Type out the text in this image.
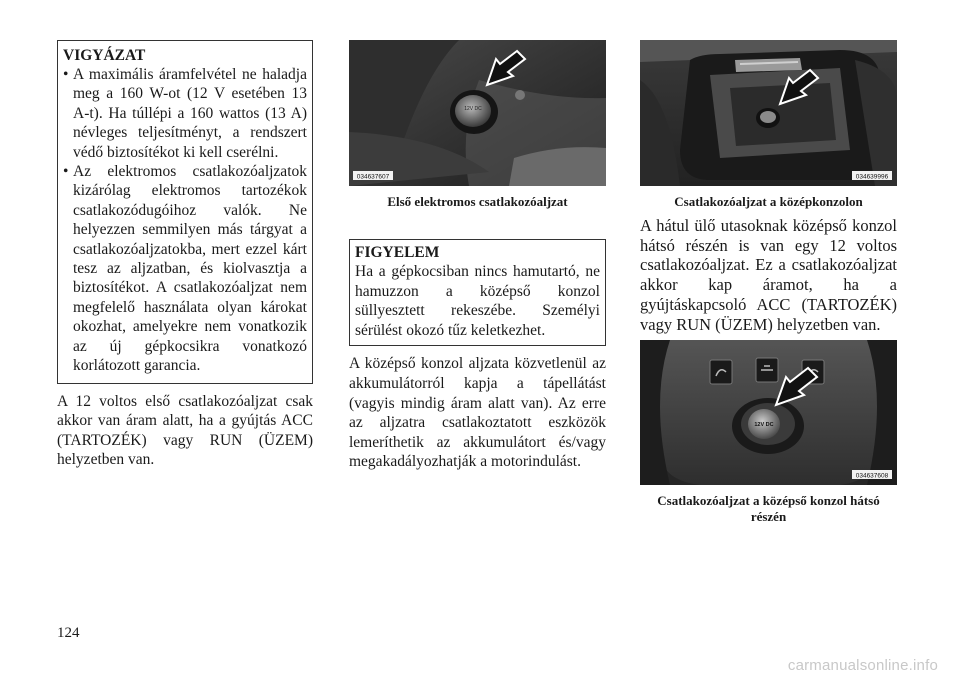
VIGYÁZAT
• A maximális áramfelvétel ne haladja meg a 160 W-ot (12 V esetében 13 A-t). Ha túllépi a 160 wattos (13 A) névleges teljesítményt, a rendszert védő biztosítékot ki kell cserélni.
• Az elektromos csatlakozóaljzatok kizárólag elektromos tartozékok csatlakozódugóihoz valók. Ne helyezzen semmilyen más tárgyat a csatlakozóaljzatokba, mert ezzel kárt tesz az aljzatban, és kiolvasztja a biztosítékot. A csatlakozóaljzat nem megfelelő használata olyan károkat okozhat, amelyekre nem vonatkozik az új gépkocsikra vonatkozó korlátozott garancia.

A 12 voltos első csatlakozóaljzat csak akkor van áram alatt, ha a gyújtás ACC (TARTOZÉK) vagy RUN (ÜZEM) helyzetben van.

12V DC
034637607
Első elektromos csatlakozóaljzat
FIGYELEM

Ha a gépkocsiban nincs hamutartó, ne hamuzzon a középső konzol süllyesztett rekeszébe. Személyi sérülést okozó tűz keletkezhet.

A középső konzol aljzata közvetlenül az akkumulátorról kapja a tápellátást (vagyis mindig áram alatt van). Az erre az aljzatra csatlakoztatott eszközök lemeríthetik az akkumulátort és/vagy megakadályozhatják a motorindulást.

034639996
Csatlakozóaljzat a középkonzolon

A hátul ülő utasoknak középső konzol hátsó részén is van egy 12 voltos csatlakozóaljzat. Ez a csatlakozóaljzat akkor kap áramot, ha a gyújtáskapcsoló ACC (TARTOZÉK) vagy RUN (ÜZEM) helyzetben van.

12V DC
034637608
Csatlakozóaljzat a középső konzol hátsó részén
124
carmanualsonline.info
